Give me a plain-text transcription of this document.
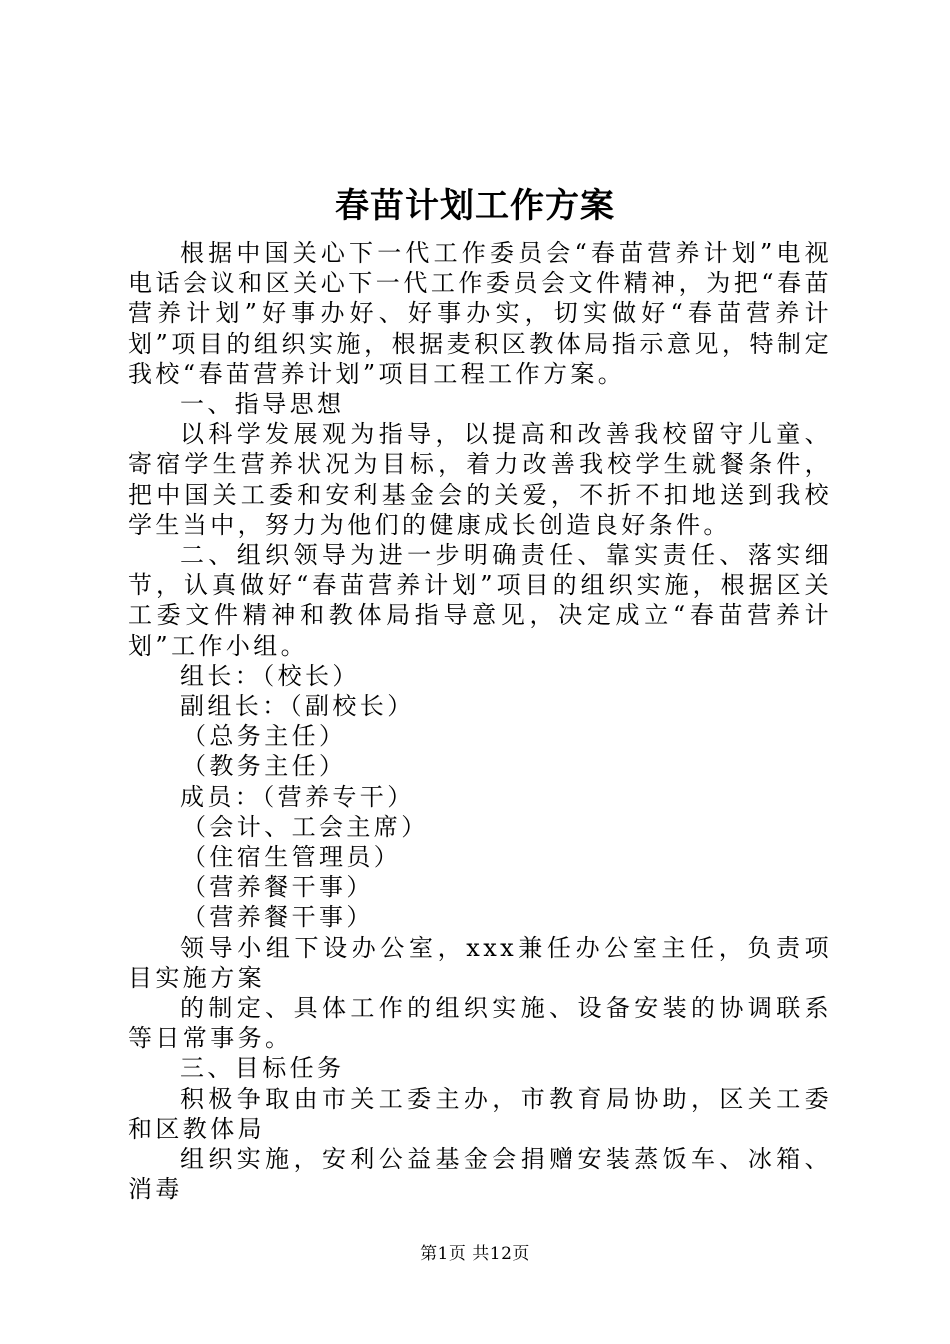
春苗计划工作方案

根据中国关心下一代工作委员会“春苗营养计划”电视电话会议和区关心下一代工作委员会文件精神，为把“春苗营养计划”好事办好、好事办实，切实做好“春苗营养计划”项目的组织实施，根据麦积区教体局指示意见，特制定我校“春苗营养计划”项目工程工作方案。

一、指导思想

以科学发展观为指导，以提高和改善我校留守儿童、寄宿学生营养状况为目标，着力改善我校学生就餐条件，把中国关工委和安利基金会的关爱，不折不扣地送到我校学生当中，努力为他们的健康成长创造良好条件。

二、组织领导为进一步明确责任、靠实责任、落实细节，认真做好“春苗营养计划”项目的组织实施，根据区关工委文件精神和教体局指导意见，决定成立“春苗营养计划”工作小组。

组长：（校长）

副组长：（副校长）

（总务主任）

（教务主任）

成员：（营养专干）

（会计、工会主席）

（住宿生管理员）

（营养餐干事）

（营养餐干事）

领导小组下设办公室，xxx兼任办公室主任，负责项目实施方案

的制定、具体工作的组织实施、设备安装的协调联系等日常事务。

三、目标任务

积极争取由市关工委主办，市教育局协助，区关工委和区教体局

组织实施，安利公益基金会捐赠安装蒸饭车、冰箱、消毒

第1页 共12页
